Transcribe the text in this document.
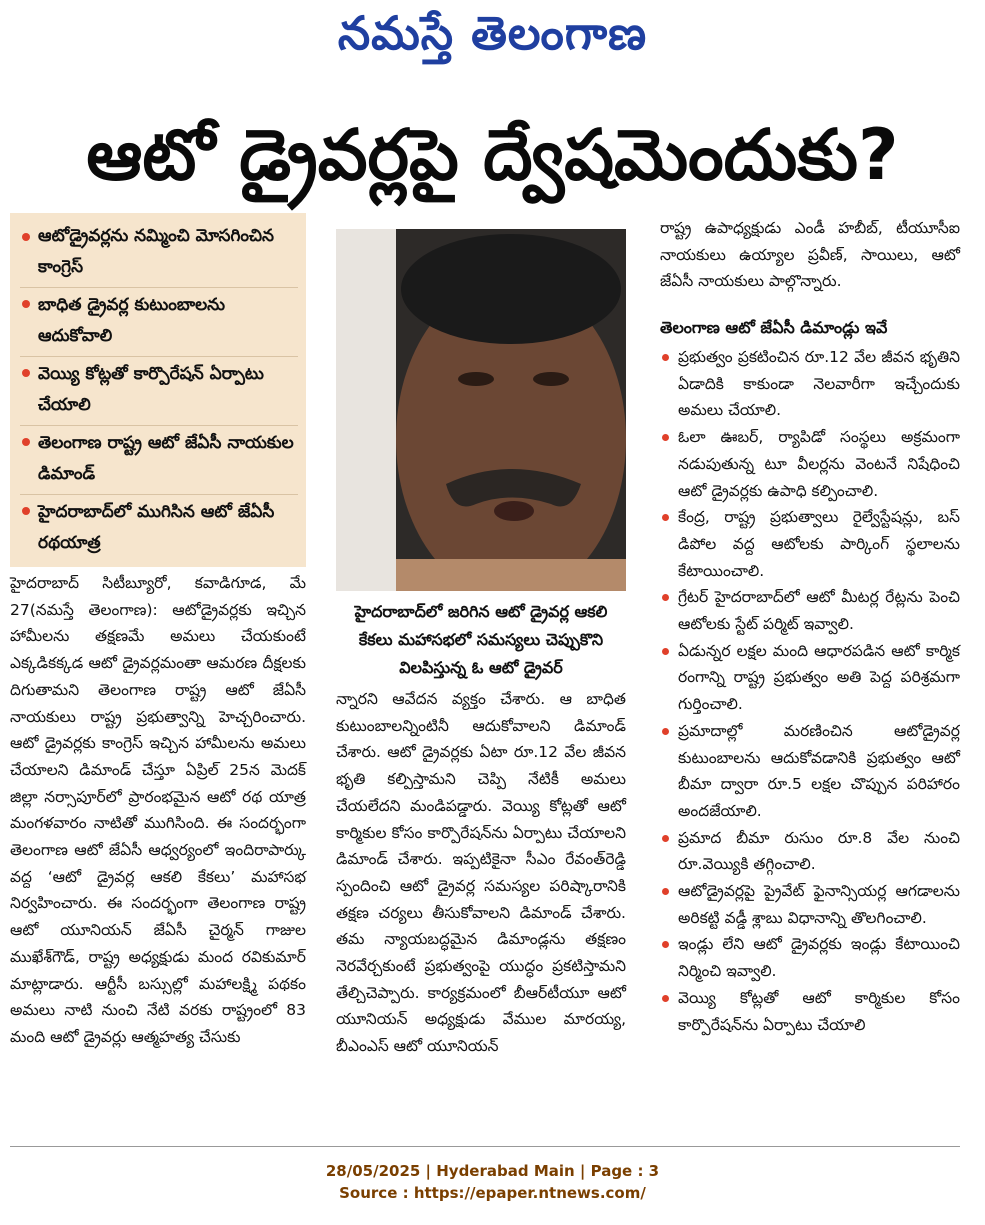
నమస్తే తెలంగాణ
ఆటో డ్రైవర్లపై ద్వేషమెందుకు?
ఆటోడ్రైవర్లను నమ్మించి మోసగించిన కాంగ్రెస్
బాధిత డ్రైవర్ల కుటుంబాలను ఆదుకోవాలి
వెయ్యి కోట్లతో కార్పొరేషన్ ఏర్పాటు చేయాలి
తెలంగాణ రాష్ట్ర ఆటో జేఏసీ నాయకుల డిమాండ్
హైదరాబాద్‌లో ముగిసిన ఆటో జేఏసీ రథయాత్ర

హైదరాబాద్ సిటీబ్యూరో, కవాడిగూడ, మే 27(నమస్తే తెలంగాణ): ఆటోడ్రైవర్లకు ఇచ్చిన హామీలను తక్షణమే అమలు చేయకుంటే ఎక్కడికక్కడ ఆటో డ్రైవర్లమంతా ఆమరణ దీక్షలకు దిగుతామని తెలంగాణ రాష్ట్ర ఆటో జేఏసీ నాయకులు రాష్ట్ర ప్రభుత్వాన్ని హెచ్చరించారు. ఆటో డ్రైవర్లకు కాంగ్రెస్ ఇచ్చిన హామీలను అమలు చేయాలని డిమాండ్ చేస్తూ ఏప్రిల్ 25న మెదక్ జిల్లా నర్సాపూర్‌లో ప్రారంభమైన ఆటో రథ యాత్ర మంగళవారం నాటితో ముగిసింది. ఈ సందర్భంగా తెలంగాణ ఆటో జేఏసీ ఆధ్వర్యంలో ఇందిరాపార్కు వద్ద ‘ఆటో డ్రైవర్ల ఆకలి కేకలు’ మహాసభ నిర్వహించారు. ఈ సందర్భంగా తెలంగాణ రాష్ట్ర ఆటో యూనియన్ జేఏసీ చైర్మన్ గాజుల ముఖేశ్‌గౌడ్, రాష్ట్ర అధ్యక్షుడు మంద రవికుమార్ మాట్లాడారు. ఆర్టీసీ బస్సుల్లో మహాలక్ష్మి పథకం అమలు నాటి నుంచి నేటి వరకు రాష్ట్రంలో 83 మంది ఆటో డ్రైవర్లు ఆత్మహత్య చేసుకు

హైదరాబాద్‌లో జరిగిన ఆటో డ్రైవర్ల ఆకలి కేకలు మహాసభలో సమస్యలు చెప్పుకొని విలపిస్తున్న ఓ ఆటో డ్రైవర్

న్నారని ఆవేదన వ్యక్తం చేశారు. ఆ బాధిత కుటుంబాలన్నింటినీ ఆదుకోవాలని డిమాండ్ చేశారు. ఆటో డ్రైవర్లకు ఏటా రూ.12 వేల జీవన భృతి కల్పిస్తామని చెప్పి నేటికీ అమలు చేయలేదని మండిపడ్డారు. వెయ్యి కోట్లతో ఆటో కార్మికుల కోసం కార్పొరేషన్‌ను ఏర్పాటు చేయాలని డిమాండ్ చేశారు. ఇప్పటికైనా సీఎం రేవంత్‌రెడ్డి స్పందించి ఆటో డ్రైవర్ల సమస్యల పరిష్కారానికి తక్షణ చర్యలు తీసుకోవాలని డిమాండ్ చేశారు. తమ న్యాయబద్ధమైన డిమాండ్లను తక్షణం నెరవేర్చకుంటే ప్రభుత్వంపై యుద్ధం ప్రకటిస్తామని తేల్చిచెప్పారు. కార్యక్రమంలో బీఆర్‌టీయూ ఆటో యూనియన్ అధ్యక్షుడు వేముల మారయ్య, బీఎంఎస్ ఆటో యూనియన్

రాష్ట్ర ఉపాధ్యక్షుడు ఎండీ హబీబ్, టీయూసీఐ నాయకులు ఉయ్యాల ప్రవీణ్, సాయిలు, ఆటో జేఏసీ నాయకులు పాల్గొన్నారు.

తెలంగాణ ఆటో జేఏసీ డిమాండ్లు ఇవే
ప్రభుత్వం ప్రకటించిన రూ.12 వేల జీవన భృతిని ఏడాదికి కాకుండా నెలవారీగా ఇచ్చేందుకు అమలు చేయాలి.
ఓలా ఊబర్, ర్యాపిడో సంస్థలు అక్రమంగా నడుపుతున్న టూ వీలర్లను వెంటనే నిషేధించి ఆటో డ్రైవర్లకు ఉపాధి కల్పించాలి.
కేంద్ర, రాష్ట్ర ప్రభుత్వాలు రైల్వేస్టేషన్లు, బస్ డిపోల వద్ద ఆటోలకు పార్కింగ్ స్థలాలను కేటాయించాలి.
గ్రేటర్ హైదరాబాద్‌లో ఆటో మీటర్ల రేట్లను పెంచి ఆటోలకు స్టేట్ పర్మిట్ ఇవ్వాలి.
ఏడున్నర లక్షల మంది ఆధారపడిన ఆటో కార్మిక రంగాన్ని రాష్ట్ర ప్రభుత్వం అతి పెద్ద పరిశ్రమగా గుర్తించాలి.
ప్రమాదాల్లో మరణించిన ఆటోడ్రైవర్ల కుటుంబాలను ఆదుకోవడానికి ప్రభుత్వం ఆటో బీమా ద్వారా రూ.5 లక్షల చొప్పున పరిహారం అందజేయాలి.
ప్రమాద బీమా రుసుం రూ.8 వేల నుంచి రూ.వెయ్యికి తగ్గించాలి.
ఆటోడ్రైవర్లపై ప్రైవేట్ ఫైనాన్సియర్ల ఆగడాలను అరికట్టి వడ్డీ శ్లాబు విధానాన్ని తొలగించాలి.
ఇండ్లు లేని ఆటో డ్రైవర్లకు ఇండ్లు కేటాయించి నిర్మించి ఇవ్వాలి.
వెయ్యి కోట్లతో ఆటో కార్మికుల కోసం కార్పొరేషన్‌ను ఏర్పాటు చేయాలి
28/05/2025 | Hyderabad Main | Page : 3
Source : https://epaper.ntnews.com/
